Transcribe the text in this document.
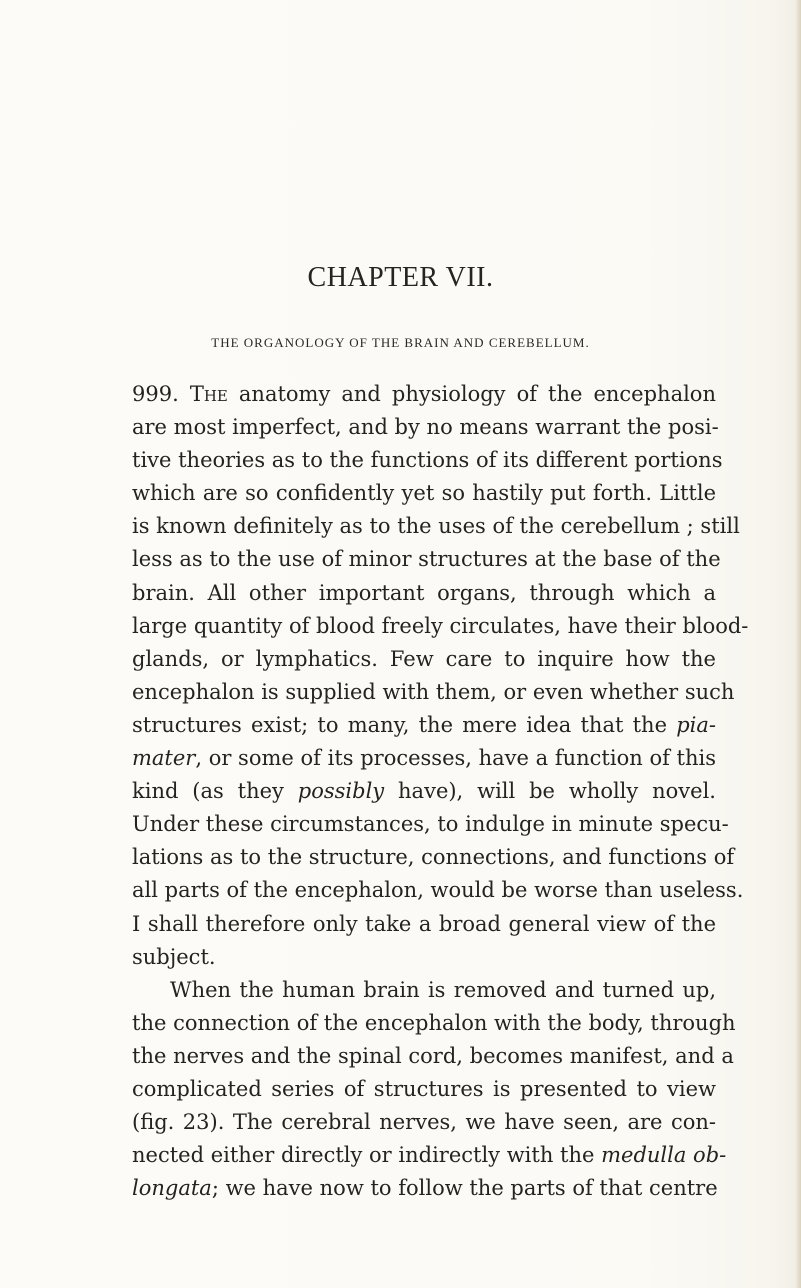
CHAPTER VII.
THE ORGANOLOGY OF THE BRAIN AND CEREBELLUM.
999. The anatomy and physiology of the encephalon
are most imperfect, and by no means warrant the posi-
tive theories as to the functions of its different portions
which are so confidently yet so hastily put forth. Little
is known definitely as to the uses of the cerebellum ; still
less as to the use of minor structures at the base of the
brain. All other important organs, through which a
large quantity of blood freely circulates, have their blood-
glands, or lymphatics. Few care to inquire how the
encephalon is supplied with them, or even whether such
structures exist; to many, the mere idea that the pia-
mater, or some of its processes, have a function of this
kind (as they possibly have), will be wholly novel.
Under these circumstances, to indulge in minute specu-
lations as to the structure, connections, and functions of
all parts of the encephalon, would be worse than useless.
I shall therefore only take a broad general view of the
subject.
When the human brain is removed and turned up,
the connection of the encephalon with the body, through
the nerves and the spinal cord, becomes manifest, and a
complicated series of structures is presented to view
(fig. 23). The cerebral nerves, we have seen, are con-
nected either directly or indirectly with the medulla ob-
longata; we have now to follow the parts of that centre
